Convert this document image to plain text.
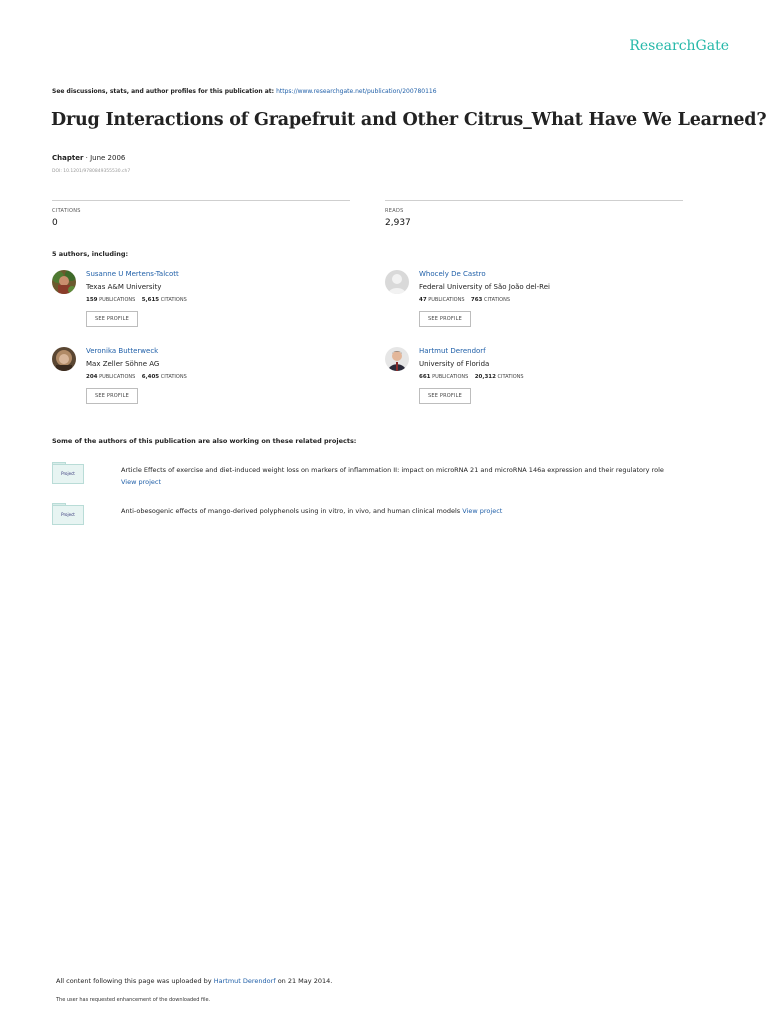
ResearchGate
See discussions, stats, and author profiles for this publication at: https://www.researchgate.net/publication/200780116
Drug Interactions of Grapefruit and Other Citrus_What Have We Learned?
Chapter · June 2006
DOI: 10.1201/9780849355530.ch7
CITATIONS
0
READS
2,937
5 authors, including:
Susanne U Mertens-Talcott
Texas A&M University
159 PUBLICATIONS 5,615 CITATIONS
SEE PROFILE
Whocely De Castro
Federal University of São João del-Rei
47 PUBLICATIONS 763 CITATIONS
SEE PROFILE
Veronika Butterweck
Max Zeller Söhne AG
204 PUBLICATIONS 6,405 CITATIONS
SEE PROFILE
Hartmut Derendorf
University of Florida
661 PUBLICATIONS 20,312 CITATIONS
SEE PROFILE
Some of the authors of this publication are also working on these related projects:
Project	Article Effects of exercise and diet-induced weight loss on markers of inflammation II: impact on microRNA 21 and microRNA 146a expression and their regulatory role
View project
Project	Anti-obesogenic effects of mango-derived polyphenols using in vitro, in vivo, and human clinical models View project
All content following this page was uploaded by Hartmut Derendorf on 21 May 2014.
The user has requested enhancement of the downloaded file.
